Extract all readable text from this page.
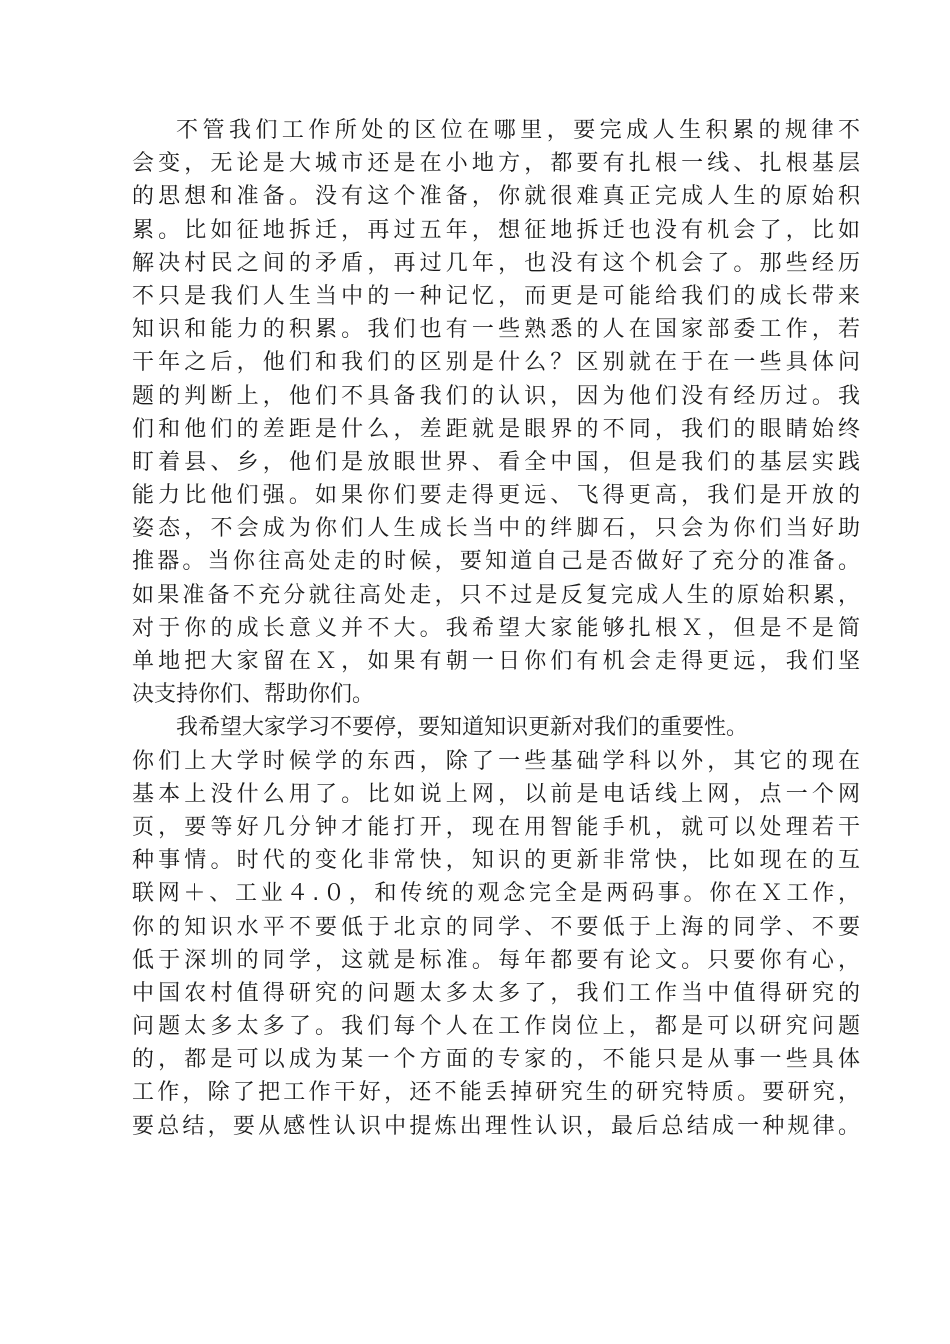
不管我们工作所处的区位在哪里，要完成人生积累的规律不
会变，无论是大城市还是在小地方，都要有扎根一线、扎根基层
的思想和准备。没有这个准备，你就很难真正完成人生的原始积
累。比如征地拆迁，再过五年，想征地拆迁也没有机会了，比如
解决村民之间的矛盾，再过几年，也没有这个机会了。那些经历
不只是我们人生当中的一种记忆，而更是可能给我们的成长带来
知识和能力的积累。我们也有一些熟悉的人在国家部委工作，若
干年之后，他们和我们的区别是什么？区别就在于在一些具体问
题的判断上，他们不具备我们的认识，因为他们没有经历过。我
们和他们的差距是什么，差距就是眼界的不同，我们的眼睛始终
盯着县、乡，他们是放眼世界、看全中国，但是我们的基层实践
能力比他们强。如果你们要走得更远、飞得更高，我们是开放的
姿态，不会成为你们人生成长当中的绊脚石，只会为你们当好助
推器。当你往高处走的时候，要知道自己是否做好了充分的准备。
如果准备不充分就往高处走，只不过是反复完成人生的原始积累，
对于你的成长意义并不大。我希望大家能够扎根Ｘ，但是不是简
单地把大家留在Ｘ，如果有朝一日你们有机会走得更远，我们坚
决支持你们、帮助你们。
我希望大家学习不要停，要知道知识更新对我们的重要性。
你们上大学时候学的东西，除了一些基础学科以外，其它的现在
基本上没什么用了。比如说上网，以前是电话线上网，点一个网
页，要等好几分钟才能打开，现在用智能手机，就可以处理若干
种事情。时代的变化非常快，知识的更新非常快，比如现在的互
联网＋、工业４.０，和传统的观念完全是两码事。你在Ｘ工作，
你的知识水平不要低于北京的同学、不要低于上海的同学、不要
低于深圳的同学，这就是标准。每年都要有论文。只要你有心，
中国农村值得研究的问题太多太多了，我们工作当中值得研究的
问题太多太多了。我们每个人在工作岗位上，都是可以研究问题
的，都是可以成为某一个方面的专家的，不能只是从事一些具体
工作，除了把工作干好，还不能丢掉研究生的研究特质。要研究，
要总结，要从感性认识中提炼出理性认识，最后总结成一种规律。
